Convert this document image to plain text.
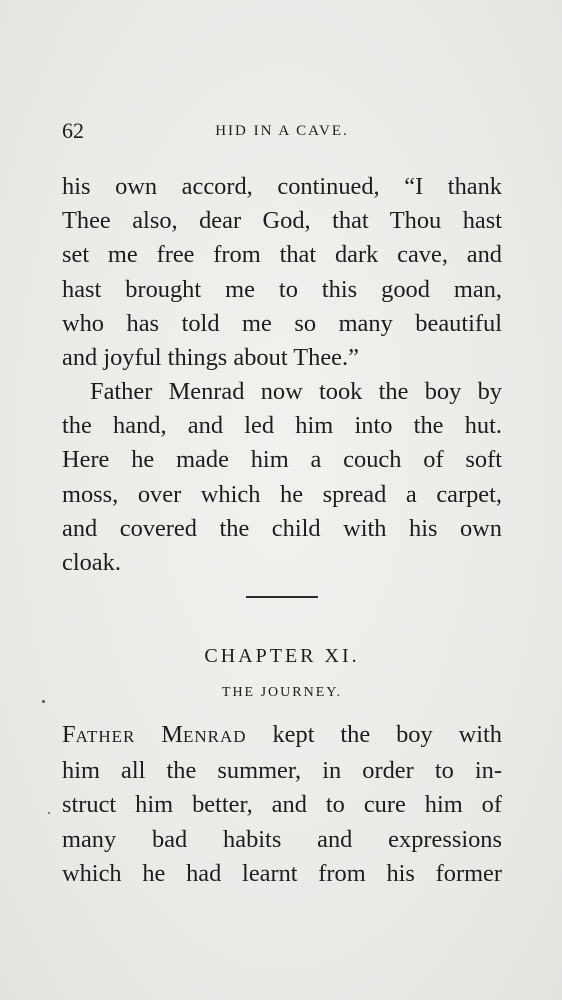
62	HID IN A CAVE.
his own accord, continued, “I thank
Thee also, dear God, that Thou hast
set me free from that dark cave, and
hast brought me to this good man,
who has told me so many beautiful
and joyful things about Thee.”
Father Menrad now took the boy by
the hand, and led him into the hut.
Here he made him a couch of soft
moss, over which he spread a carpet,
and covered the child with his own
cloak.
CHAPTER XI.
THE JOURNEY.
FATHER MENRAD kept the boy with
him all the summer, in order to in-
struct him better, and to cure him of
many bad habits and expressions
which he had learnt from his former
